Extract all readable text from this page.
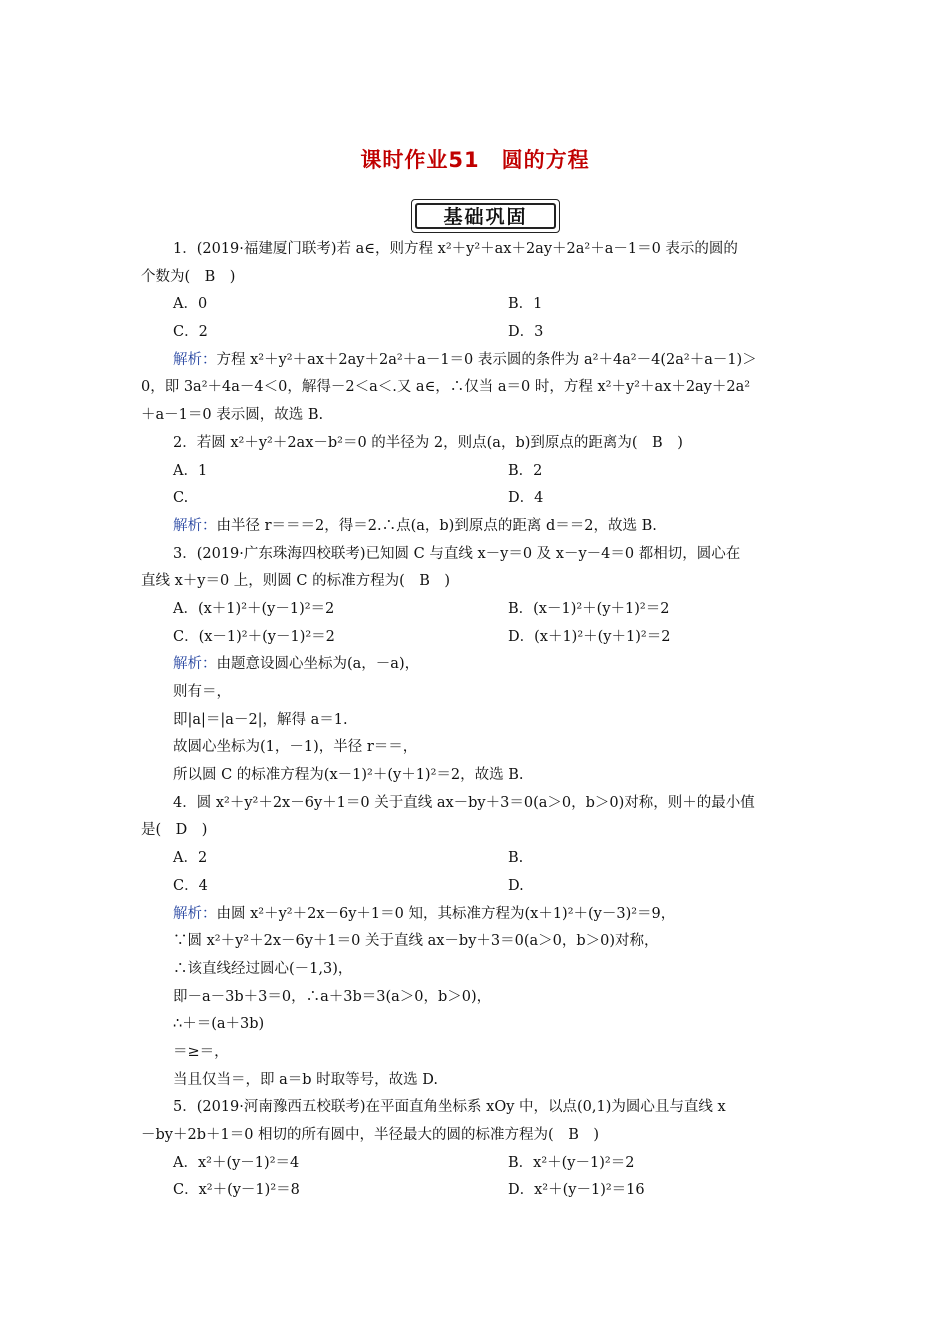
课时作业51　圆的方程
基础巩固
1．(2019·福建厦门联考)若 a∈，则方程 x²＋y²＋ax＋2ay＋2a²＋a－1＝0 表示的圆的
个数为(　B　)
A．0	B．1
C．2	D．3
解析：方程 x²＋y²＋ax＋2ay＋2a²＋a－1＝0 表示圆的条件为 a²＋4a²－4(2a²＋a－1)＞
0，即 3a²＋4a－4＜0，解得－2＜a＜.又 a∈，∴仅当 a＝0 时，方程 x²＋y²＋ax＋2ay＋2a²
＋a－1＝0 表示圆，故选 B.
2．若圆 x²＋y²＋2ax－b²＝0 的半径为 2，则点(a，b)到原点的距离为(　B　)
A．1	B．2
C.	D．4
解析：由半径 r＝＝＝2，得＝2.∴点(a，b)到原点的距离 d＝＝2，故选 B.
3．(2019·广东珠海四校联考)已知圆 C 与直线 x－y＝0 及 x－y－4＝0 都相切，圆心在
直线 x＋y＝0 上，则圆 C 的标准方程为(　B　)
A．(x＋1)²＋(y－1)²＝2	B．(x－1)²＋(y＋1)²＝2
C．(x－1)²＋(y－1)²＝2	D．(x＋1)²＋(y＋1)²＝2
解析：由题意设圆心坐标为(a，－a)，
则有＝，
即|a|＝|a－2|，解得 a＝1.
故圆心坐标为(1，－1)，半径 r＝＝，
所以圆 C 的标准方程为(x－1)²＋(y＋1)²＝2，故选 B.
4．圆 x²＋y²＋2x－6y＋1＝0 关于直线 ax－by＋3＝0(a＞0，b＞0)对称，则＋的最小值
是(　D　)
A．2	B.
C．4	D.
解析：由圆 x²＋y²＋2x－6y＋1＝0 知，其标准方程为(x＋1)²＋(y－3)²＝9，
∵圆 x²＋y²＋2x－6y＋1＝0 关于直线 ax－by＋3＝0(a＞0，b＞0)对称，
∴该直线经过圆心(－1,3)，
即－a－3b＋3＝0，∴a＋3b＝3(a＞0，b＞0)，
∴＋＝(a＋3b)
＝≥＝，
当且仅当＝，即 a＝b 时取等号，故选 D.
5．(2019·河南豫西五校联考)在平面直角坐标系 xOy 中，以点(0,1)为圆心且与直线 x
－by＋2b＋1＝0 相切的所有圆中，半径最大的圆的标准方程为(　B　)
A．x²＋(y－1)²＝4	B．x²＋(y－1)²＝2
C．x²＋(y－1)²＝8	D．x²＋(y－1)²＝16
